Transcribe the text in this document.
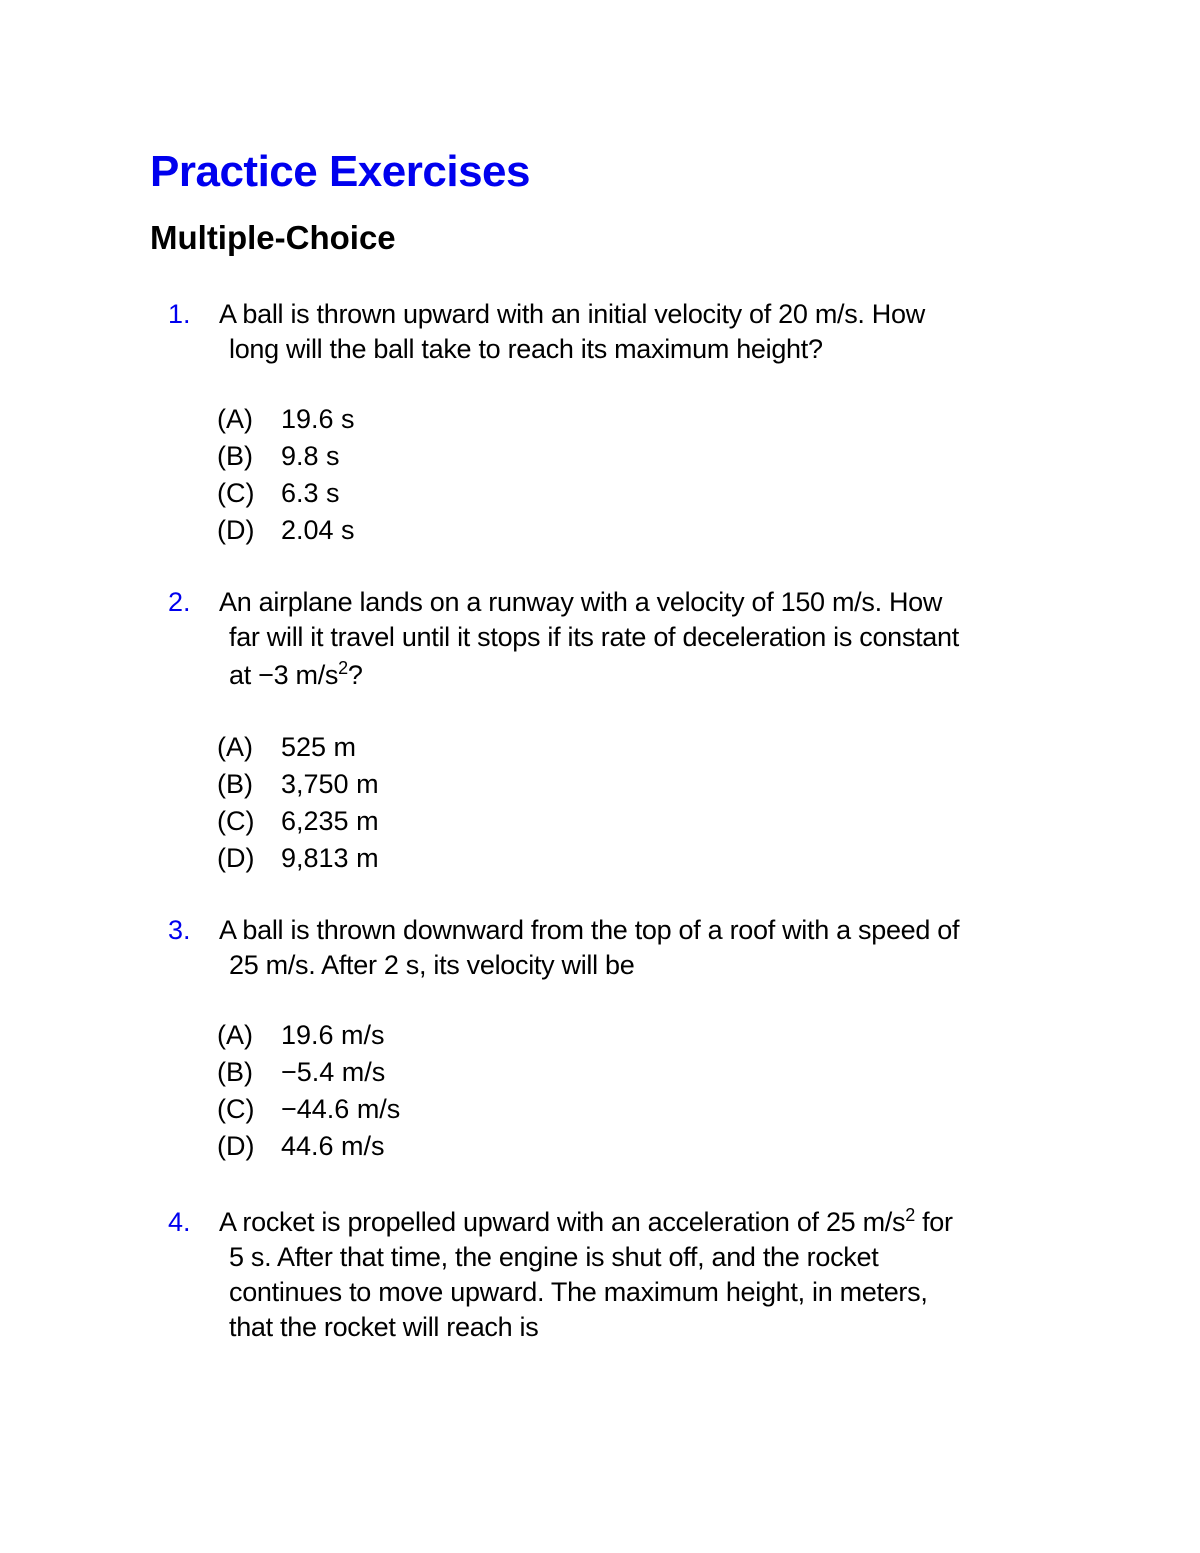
Practice Exercises
Multiple-Choice
1. A ball is thrown upward with an initial velocity of 20 m/s. How
long will the ball take to reach its maximum height?

(A) 19.6 s
(B) 9.8 s
(C) 6.3 s
(D) 2.04 s
2. An airplane lands on a runway with a velocity of 150 m/s. How
far will it travel until it stops if its rate of deceleration is constant
at −3 $m/s^2$?

(A) 525 m
(B) 3,750 m
(C) 6,235 m
(D) 9,813 m
3. A ball is thrown downward from the top of a roof with a speed of
25 m/s. After 2 s, its velocity will be

(A) 19.6 m/s
(B) −5.4 m/s
(C) −44.6 m/s
(D) 44.6 m/s
4. A rocket is propelled upward with an acceleration of 25 $m/s^2$ for
5 s. After that time, the engine is shut off, and the rocket
continues to move upward. The maximum height, in meters,
that the rocket will reach is
